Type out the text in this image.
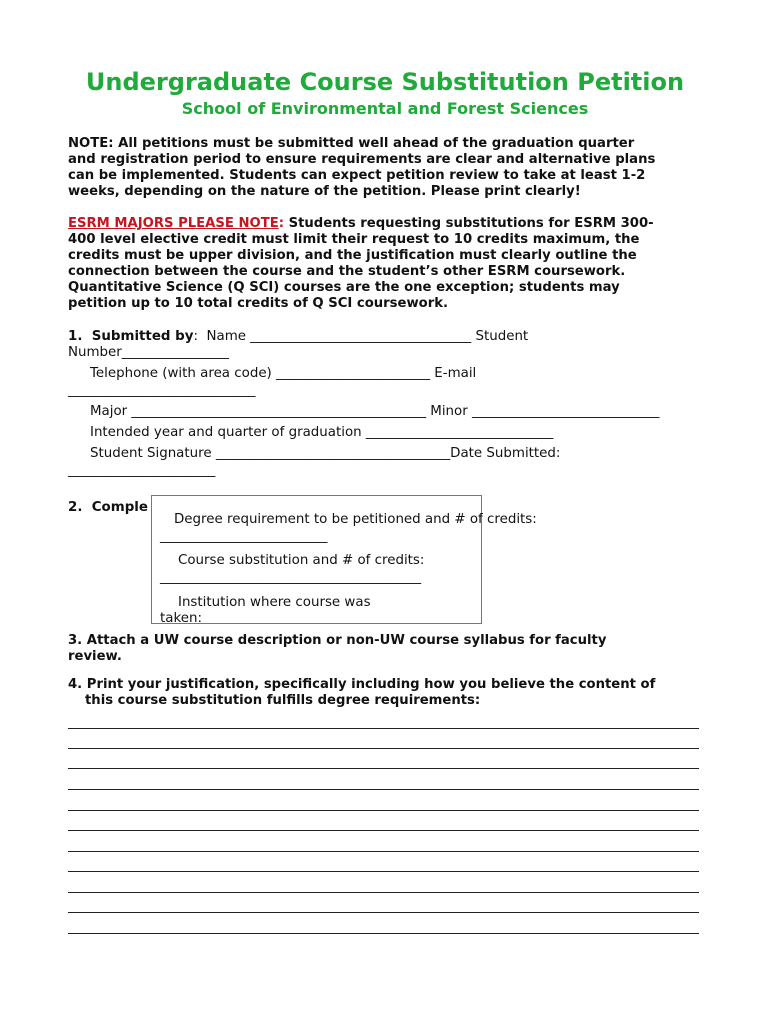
Undergraduate Course Substitution Petition
School of Environmental and Forest Sciences
NOTE: All petitions must be submitted well ahead of the graduation quarter
and registration period to ensure requirements are clear and alternative plans
can be implemented. Students can expect petition review to take at least 1-2
weeks, depending on the nature of the petition. Please print clearly!
ESRM MAJORS PLEASE NOTE: Students requesting substitutions for ESRM 300-
400 level elective credit must limit their request to 10 credits maximum, the
credits must be upper division, and the justification must clearly outline the
connection between the course and the student’s other ESRM coursework.
Quantitative Science (Q SCI) courses are the one exception; students may
petition up to 10 total credits of Q SCI coursework.
1.  Submitted by:  Name _________________________________ Student
Number________________
Telephone (with area code) _______________________ E-mail
____________________________
Major ____________________________________________ Minor ____________________________
Intended year and quarter of graduation ____________________________
Student Signature ___________________________________Date Submitted:
______________________
2.  Comple
Degree requirement to be petitioned and # of credits:
_________________________
Course substitution and # of credits:
_______________________________________
Institution where course was
taken:
3. Attach a UW course description or non-UW course syllabus for faculty
review.
4. Print your justification, specifically including how you believe the content of
this course substitution fulfills degree requirements:
